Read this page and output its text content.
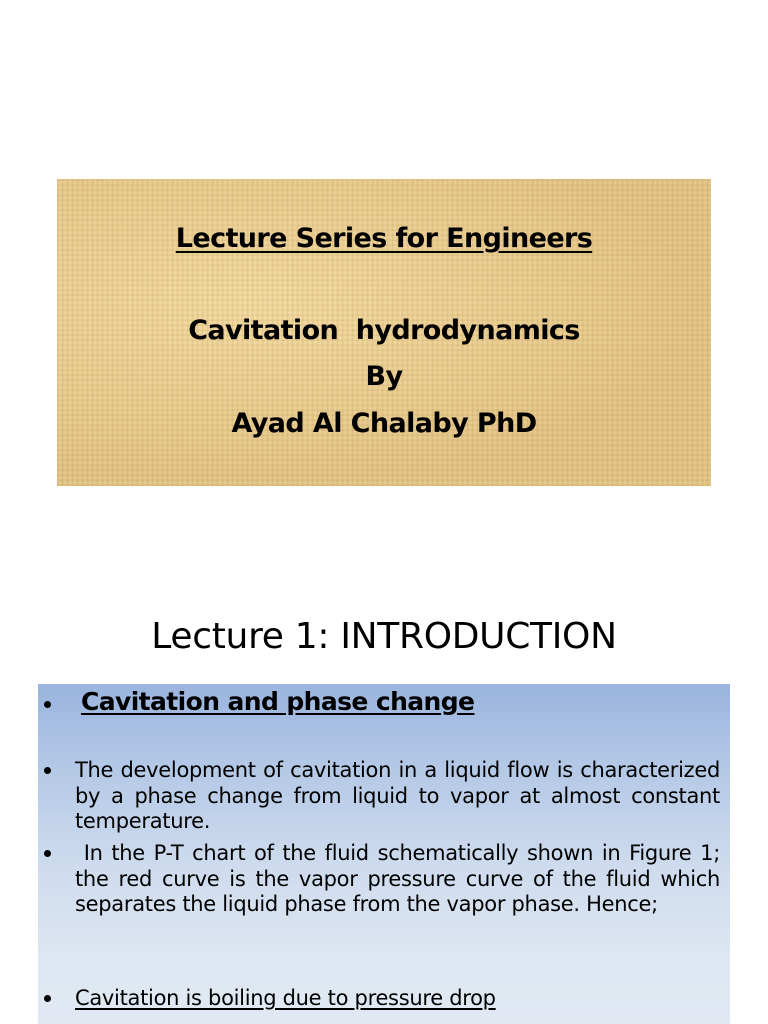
Lecture Series for Engineers
Cavitation  hydrodynamics
By
Ayad Al Chalaby PhD
Lecture 1: INTRODUCTION
Cavitation and phase change
The development of cavitation in a liquid flow is characterized by a phase change from liquid to vapor at almost constant temperature.
In the P-T chart of the fluid schematically shown in Figure 1; the red curve is the vapor pressure curve of the fluid which separates the liquid phase from the vapor phase. Hence;
Cavitation is boiling due to pressure drop
